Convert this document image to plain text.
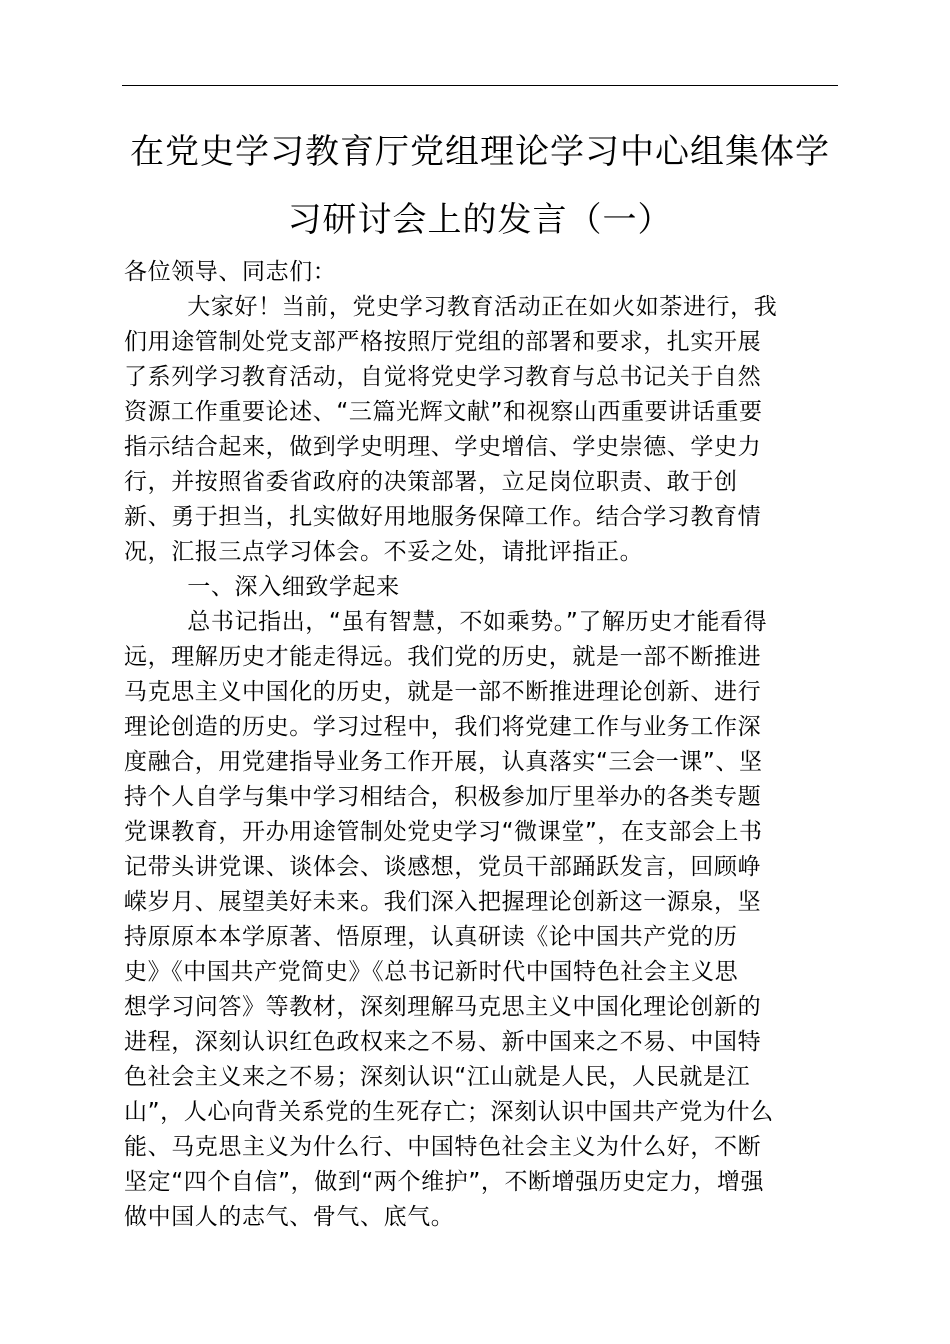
在党史学习教育厅党组理论学习中心组集体学
习研讨会上的发言（一）
各位领导、同志们：
大家好！当前，党史学习教育活动正在如火如荼进行，我
们用途管制处党支部严格按照厅党组的部署和要求，扎实开展
了系列学习教育活动，自觉将党史学习教育与总书记关于自然
资源工作重要论述、“三篇光辉文献”和视察山西重要讲话重要
指示结合起来，做到学史明理、学史增信、学史崇德、学史力
行，并按照省委省政府的决策部署，立足岗位职责、敢于创
新、勇于担当，扎实做好用地服务保障工作。结合学习教育情
况，汇报三点学习体会。不妥之处，请批评指正。
一、深入细致学起来
总书记指出，“虽有智慧，不如乘势。”了解历史才能看得
远，理解历史才能走得远。我们党的历史，就是一部不断推进
马克思主义中国化的历史，就是一部不断推进理论创新、进行
理论创造的历史。学习过程中，我们将党建工作与业务工作深
度融合，用党建指导业务工作开展，认真落实“三会一课”、坚
持个人自学与集中学习相结合，积极参加厅里举办的各类专题
党课教育，开办用途管制处党史学习“微课堂”，在支部会上书
记带头讲党课、谈体会、谈感想，党员干部踊跃发言，回顾峥
嵘岁月、展望美好未来。我们深入把握理论创新这一源泉，坚
持原原本本学原著、悟原理，认真研读《论中国共产党的历
史》《中国共产党简史》《总书记新时代中国特色社会主义思
想学习问答》等教材，深刻理解马克思主义中国化理论创新的
进程，深刻认识红色政权来之不易、新中国来之不易、中国特
色社会主义来之不易；深刻认识“江山就是人民，人民就是江
山”，人心向背关系党的生死存亡；深刻认识中国共产党为什么
能、马克思主义为什么行、中国特色社会主义为什么好，不断
坚定“四个自信”，做到“两个维护”，不断增强历史定力，增强
做中国人的志气、骨气、底气。
